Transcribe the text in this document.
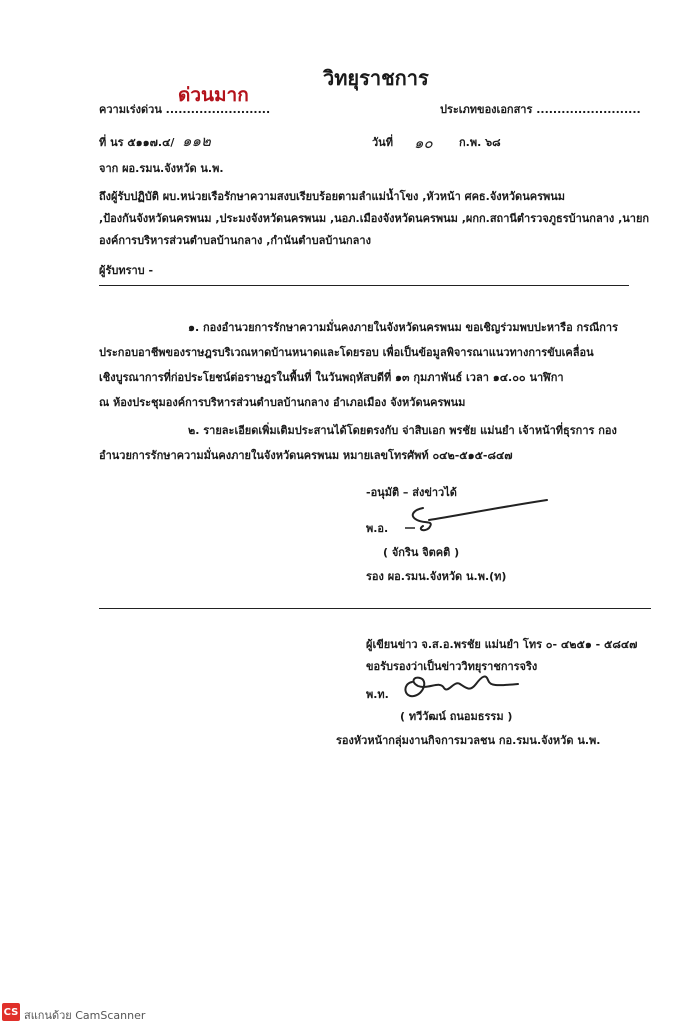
วิทยุราชการ
ด่วนมาก
ความเร่งด่วน .........................	ประเภทของเอกสาร .........................
ที่ นร ๕๑๑๗.๔/ ๑๑๒	วันที่ ๑๐ ก.พ. ๖๘
จาก ผอ.รมน.จังหวัด น.พ.
ถึงผู้รับปฏิบัติ ผบ.หน่วยเรือรักษาความสงบเรียบร้อยตามลำแม่น้ำโขง ,หัวหน้า ศคธ.จังหวัดนครพนม
,ป้องกันจังหวัดนครพนม ,ประมงจังหวัดนครพนม ,นอภ.เมืองจังหวัดนครพนม ,ผกก.สถานีตำรวจภูธรบ้านกลาง ,นายก
องค์การบริหารส่วนตำบลบ้านกลาง ,กำนันตำบลบ้านกลาง
ผู้รับทราบ -
๑. กองอำนวยการรักษาความมั่นคงภายในจังหวัดนครพนม ขอเชิญร่วมพบปะหารือ กรณีการ
ประกอบอาชีพของราษฎรบริเวณหาดบ้านหนาดและโดยรอบ เพื่อเป็นข้อมูลพิจารณาแนวทางการขับเคลื่อน
เชิงบูรณาการที่ก่อประโยชน์ต่อราษฎรในพื้นที่ ในวันพฤหัสบดีที่ ๑๓ กุมภาพันธ์ เวลา ๑๔.๐๐ นาฬิกา
ณ ห้องประชุมองค์การบริหารส่วนตำบลบ้านกลาง อำเภอเมือง จังหวัดนครพนม
๒. รายละเอียดเพิ่มเติมประสานได้โดยตรงกับ จ่าสิบเอก พรชัย แม่นยำ เจ้าหน้าที่ธุรการ กอง
อำนวยการรักษาความมั่นคงภายในจังหวัดนครพนม หมายเลขโทรศัพท์ ๐๔๒-๕๑๕-๘๔๗
-อนุมัติ – ส่งข่าวได้
พ.อ.
( จักริน จิตคติ )
รอง ผอ.รมน.จังหวัด น.พ.(ท)
ผู้เขียนข่าว จ.ส.อ.พรชัย แม่นยำ โทร ๐- ๔๒๕๑ - ๕๘๔๗
ขอรับรองว่าเป็นข่าววิทยุราชการจริง
พ.ท.
( ทวีวัฒน์ ถนอมธรรม )
รองหัวหน้ากลุ่มงานกิจการมวลชน กอ.รมน.จังหวัด น.พ.
CS สแกนด้วย CamScanner
